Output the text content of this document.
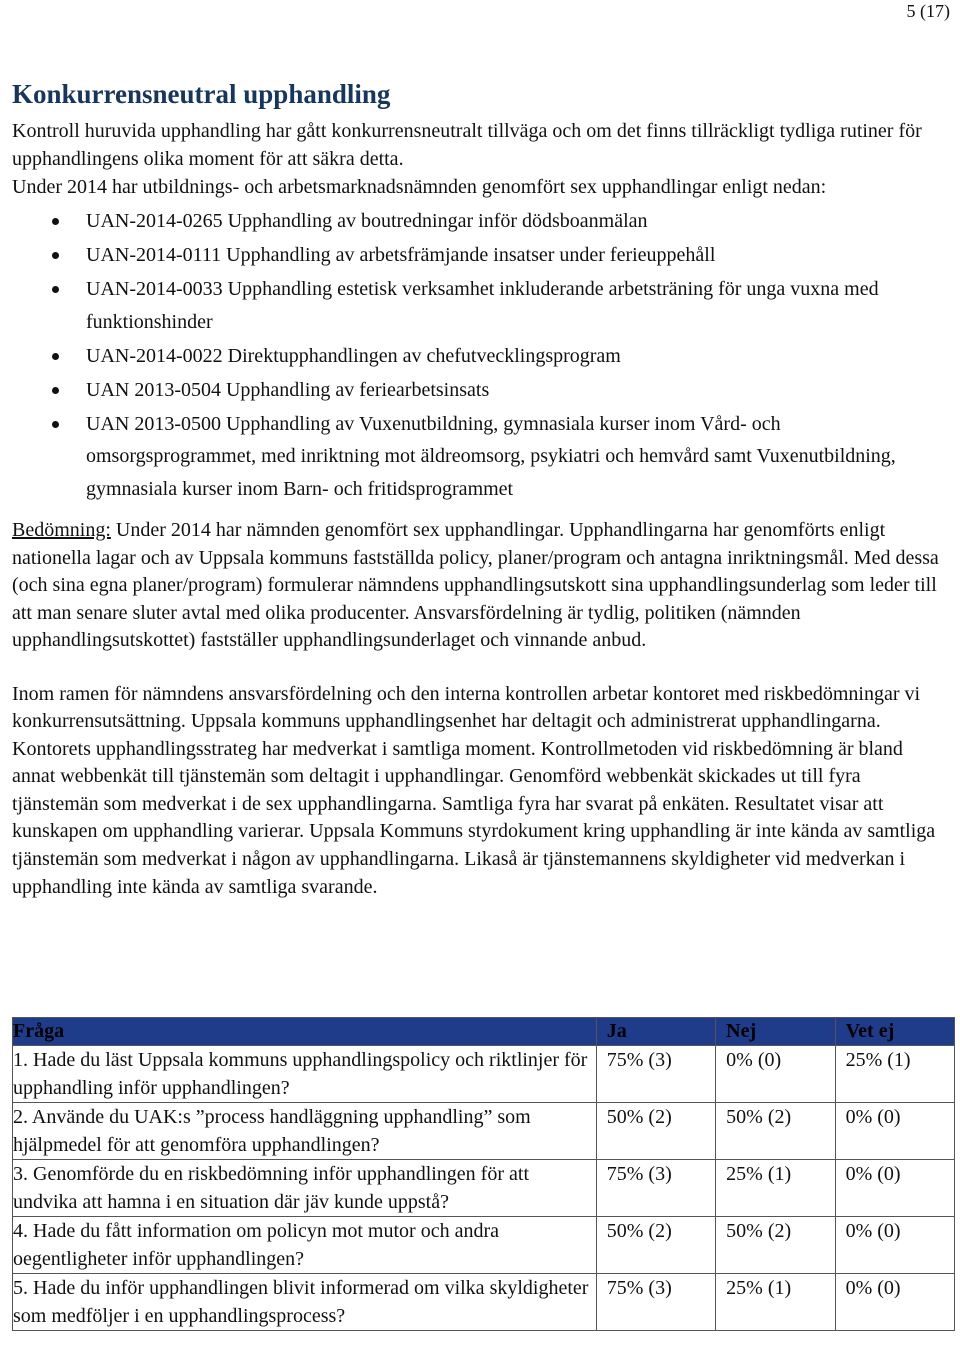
5 (17)
Konkurrensneutral upphandling

Kontroll huruvida upphandling har gått konkurrensneutralt tillväga och om det finns tillräckligt tydliga rutiner för upphandlingens olika moment för att säkra detta.

Under 2014 har utbildnings- och arbetsmarknadsnämnden genomfört sex upphandlingar enligt nedan:

UAN-2014-0265 Upphandling av boutredningar inför dödsboanmälan
UAN-2014-0111 Upphandling av arbetsfrämjande insatser under ferieuppehåll
UAN-2014-0033 Upphandling estetisk verksamhet inkluderande arbetsträning för unga vuxna med funktionshinder
UAN-2014-0022 Direktupphandlingen av chefutvecklingsprogram
UAN 2013-0504 Upphandling av feriearbetsinsats
UAN 2013-0500 Upphandling av Vuxenutbildning, gymnasiala kurser inom Vård- och omsorgsprogrammet, med inriktning mot äldreomsorg, psykiatri och hemvård samt Vuxenutbildning, gymnasiala kurser inom Barn- och fritidsprogrammet

Bedömning: Under 2014 har nämnden genomfört sex upphandlingar. Upphandlingarna har genomförts enligt nationella lagar och av Uppsala kommuns fastställda policy, planer/program och antagna inriktningsmål. Med dessa (och sina egna planer/program) formulerar nämndens upphandlingsutskott sina upphandlingsunderlag som leder till att man senare sluter avtal med olika producenter. Ansvarsfördelning är tydlig, politiken (nämnden upphandlingsutskottet) fastställer upphandlingsunderlaget och vinnande anbud.

Inom ramen för nämndens ansvarsfördelning och den interna kontrollen arbetar kontoret med riskbedömningar vi konkurrensutsättning. Uppsala kommuns upphandlingsenhet har deltagit och administrerat upphandlingarna. Kontorets upphandlingsstrateg har medverkat i samtliga moment. Kontrollmetoden vid riskbedömning är bland annat webbenkät till tjänstemän som deltagit i upphandlingar. Genomförd webbenkät skickades ut till fyra tjänstemän som medverkat i de sex upphandlingarna. Samtliga fyra har svarat på enkäten. Resultatet visar att kunskapen om upphandling varierar. Uppsala Kommuns styrdokument kring upphandling är inte kända av samtliga tjänstemän som medverkat i någon av upphandlingarna. Likaså är tjänstemannens skyldigheter vid medverkan i upphandling inte kända av samtliga svarande.

Fråga	Ja	Nej	Vet ej
1. Hade du läst Uppsala kommuns upphandlingspolicy och riktlinjer för upphandling inför upphandlingen?	75% (3)	0% (0)	25% (1)
2. Använde du UAK:s ”process handläggning upphandling” som hjälpmedel för att genomföra upphandlingen?	50% (2)	50% (2)	0% (0)
3. Genomförde du en riskbedömning inför upphandlingen för att undvika att hamna i en situation där jäv kunde uppstå?	75% (3)	25% (1)	0% (0)
4. Hade du fått information om policyn mot mutor och andra oegentligheter inför upphandlingen?	50% (2)	50% (2)	0% (0)
5. Hade du inför upphandlingen blivit informerad om vilka skyldigheter som medföljer i en upphandlingsprocess?	75% (3)	25% (1)	0% (0)
